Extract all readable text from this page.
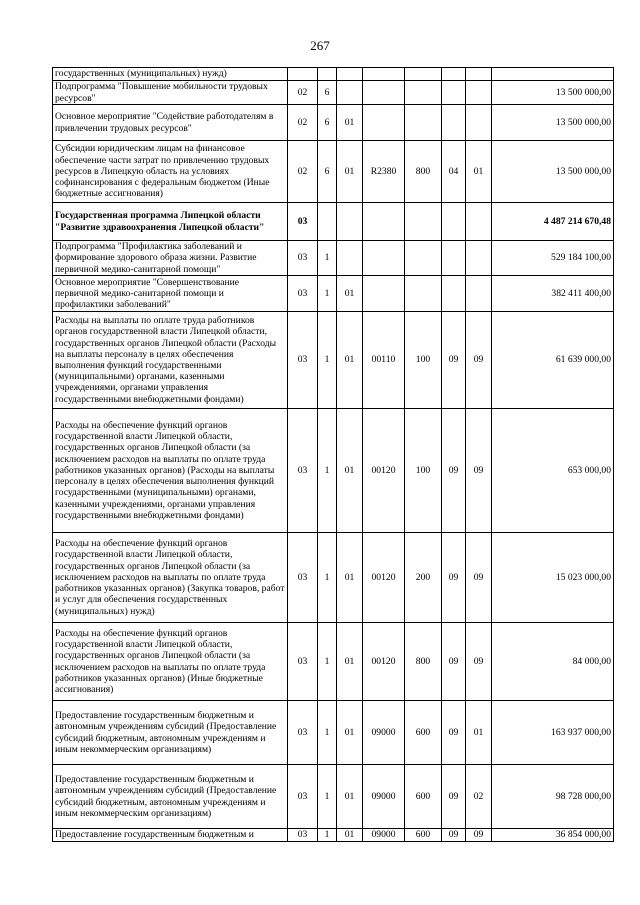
267
государственных (муниципальных) нужд)								
Подпрограмма "Повышение мобильности трудовых ресурсов"	02	6						13 500 000,00
Основное мероприятие "Содействие работодателям в привлечении трудовых ресурсов"	02	6	01					13 500 000,00
Субсидии юридическим лицам на финансовое обеспечение части затрат по привлечению трудовых ресурсов в Липецкую область на условиях софинансирования с федеральным бюджетом (Иные бюджетные ассигнования)	02	6	01	R2380	800	04	01	13 500 000,00
Государственная программа Липецкой области "Развитие здравоохранения Липецкой области"	03							4 487 214 670,48
Подпрограмма "Профилактика заболеваний и формирование здорового образа жизни. Развитие первичной медико-санитарной помощи"	03	1						529 184 100,00
Основное мероприятие "Совершенствование первичной медико-санитарной помощи и профилактики заболеваний"	03	1	01					382 411 400,00
Расходы на выплаты по оплате труда работников органов государственной власти Липецкой области, государственных органов Липецкой области (Расходы на выплаты персоналу в целях обеспечения выполнения функций государственными (муниципальными) органами, казенными учреждениями, органами управления государственными внебюджетными фондами)	03	1	01	00110	100	09	09	61 639 000,00
Расходы на обеспечение функций органов государственной власти Липецкой области, государственных органов Липецкой области (за исключением расходов на выплаты по оплате труда работников указанных органов) (Расходы на выплаты персоналу в целях обеспечения выполнения функций государственными (муниципальными) органами, казенными учреждениями, органами управления государственными внебюджетными фондами)	03	1	01	00120	100	09	09	653 000,00
Расходы на обеспечение функций органов государственной власти Липецкой области, государственных органов Липецкой области (за исключением расходов на выплаты по оплате труда работников указанных органов) (Закупка товаров, работ и услуг для обеспечения государственных (муниципальных) нужд)	03	1	01	00120	200	09	09	15 023 000,00
Расходы на обеспечение функций органов государственной власти Липецкой области, государственных органов Липецкой области (за исключением расходов на выплаты по оплате труда работников указанных органов) (Иные бюджетные ассигнования)	03	1	01	00120	800	09	09	84 000,00
Предоставление государственным бюджетным и автономным учреждениям субсидий (Предоставление субсидий бюджетным, автономным учреждениям и иным некоммерческим организациям)	03	1	01	09000	600	09	01	163 937 000,00
Предоставление государственным бюджетным и автономным учреждениям субсидий (Предоставление субсидий бюджетным, автономным учреждениям и иным некоммерческим организациям)	03	1	01	09000	600	09	02	98 728 000,00
Предоставление государственным бюджетным и	03	1	01	09000	600	09	09	36 854 000,00
